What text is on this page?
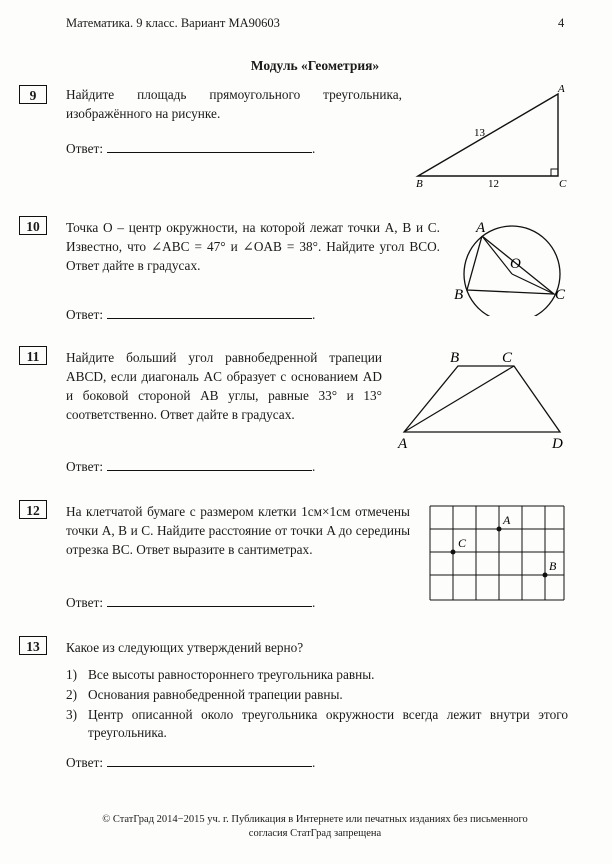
Математика. 9 класс. Вариант МА90603	4
Модуль «Геометрия»
9	Найдите площадь прямоугольного треугольника, изображённого на рисунке.
Ответ:	.
A
B	C
13
12
10	Точка O – центр окружности, на которой лежат точки A, B и C. Известно, что ∠ABC = 47° и ∠OAB = 38°. Найдите угол BCO. Ответ дайте в градусах.
Ответ:	.
A
B	C
O
11	Найдите больший угол равнобедренной трапеции ABCD, если диагональ AC образует с основанием AD и боковой стороной AB углы, равные 33° и 13° соответственно. Ответ дайте в градусах.
Ответ:	.
A
B	C
D
12	На клетчатой бумаге с размером клетки 1см×1см отмечены точки A, B и C. Найдите расстояние от точки A до середины отрезка BC. Ответ выразите в сантиметрах.
Ответ:	.
A
C
B
13	Какое из следующих утверждений верно?
1) Все высоты равностороннего треугольника равны.
2) Основания равнобедренной трапеции равны.
3) Центр описанной около треугольника окружности всегда лежит внутри этого треугольника.
Ответ:	.
© СтатГрад 2014−2015 уч. г. Публикация в Интернете или печатных изданиях без письменного
согласия СтатГрад запрещена
